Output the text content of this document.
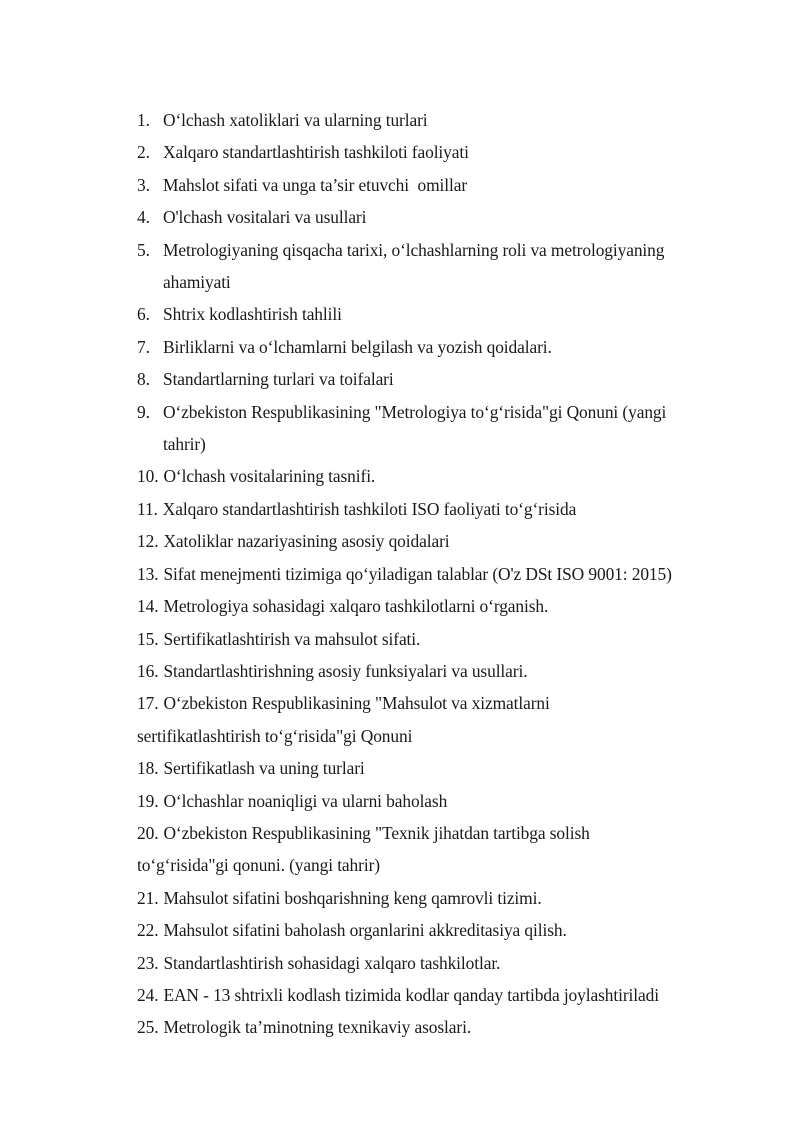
1. O‘lchash xatoliklari va ularning turlari
2. Xalqaro standartlashtirish tashkiloti faoliyati
3. Mahslot sifati va unga ta’sir etuvchi  omillar
4. O'lchash vositalari va usullari
5. Metrologiyaning qisqacha tarixi, o‘lchashlarning roli va metrologiyaning
ahamiyati
6. Shtrix kodlashtirish tahlili
7. Birliklarni va o‘lchamlarni belgilash va yozish qoidalari.
8. Standartlarning turlari va toifalari
9. O‘zbekiston Respublikasining "Metrologiya to‘g‘risida"gi Qonuni (yangi
tahrir)
10. O‘lchash vositalarining tasnifi.
11. Xalqaro standartlashtirish tashkiloti ISO faoliyati to‘g‘risida
12. Xatoliklar nazariyasining asosiy qoidalari
13. Sifat menejmenti tizimiga qo‘yiladigan talablar (O'z DSt ISO 9001: 2015)
14. Metrologiya sohasidagi xalqaro tashkilotlarni o‘rganish.
15. Sertifikatlashtirish va mahsulot sifati.
16. Standartlashtirishning asosiy funksiyalari va usullari.
17. O‘zbekiston Respublikasining "Mahsulot va xizmatlarni
sertifikatlashtirish to‘g‘risida"gi Qonuni
18. Sertifikatlash va uning turlari
19. O‘lchashlar noaniqligi va ularni baholash
20. O‘zbekiston Respublikasining "Texnik jihatdan tartibga solish
to‘g‘risida"gi qonuni. (yangi tahrir)
21. Mahsulot sifatini boshqarishning keng qamrovli tizimi.
22. Mahsulot sifatini baholash organlarini akkreditasiya qilish.
23. Standartlashtirish sohasidagi xalqaro tashkilotlar.
24. EAN - 13 shtrixli kodlash tizimida kodlar qanday tartibda joylashtiriladi
25. Metrologik ta’minotning texnikaviy asoslari.
